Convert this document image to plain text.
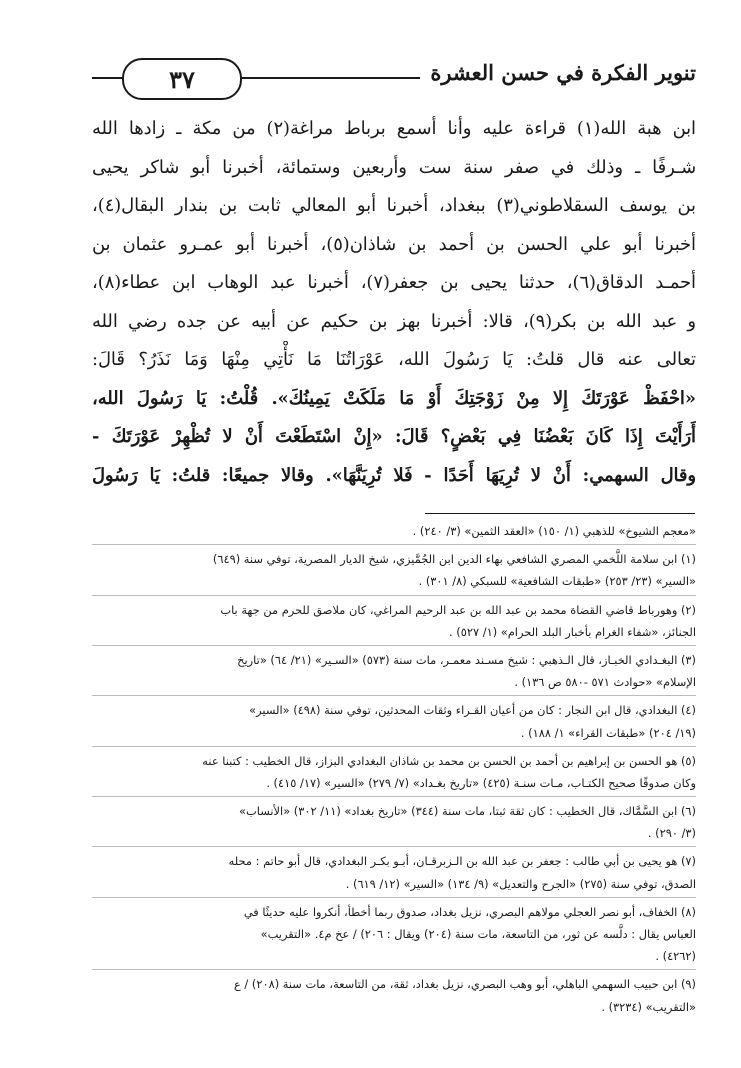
٣٧	تنوير الفكرة في حسن العشرة
ابن هبة الله(١) قراءة عليه وأنا أسمع برباط مراغة(٢) من مكة ـ زادها الله
شـرفًا ـ وذلك في صفر سنة ست وأربعين وستمائة، أخبرنا أبو شاكر يحيى
بن يوسف السقلاطوني(٣) ببغداد، أخبرنا أبو المعالي ثابت بن بندار البقال(٤)،
أخبرنا أبو علي الحسن بن أحمد بن شاذان(٥)، أخبرنا أبو عمـرو عثمان بن
أحمـد الدقاق(٦)، حدثنا يحيى بن جعفر(٧)، أخبرنا عبد الوهاب ابن عطاء(٨)،
و عبد الله بن بكر(٩)، قالا: أخبرنا بهز بن حكيم عن أبيه عن جده رضي الله
تعالى عنه قال قلتُ: يَا رَسُولَ الله، عَوْرَاتُنَا مَا نَأْتِي مِنْهَا وَمَا نَذَرُ؟ قَالَ:
«احْفَظْ عَوْرَتَكَ إِلا مِنْ زَوْجَتِكَ أَوْ مَا مَلَكَتْ يَمِينُكَ». قُلْتُ: يَا رَسُولَ الله،
أَرَأَيْتَ إِذَا كَانَ بَعْضُنَا فِي بَعْضٍ؟ قَالَ: «إِنْ اسْتَطَعْتَ أَنْ لا تُظْهِرْ عَوْرَتَكَ -
وقال السهمي: أَنْ لا تُرِيَهَا أَحَدًا - فَلا تُرِيَنَّهَا». وقالا جميعًا: قلتُ: يَا رَسُولَ
«معجم الشيوخ» للذهبي (١/ ١٥٠) «العقد الثمين» (٣/ ٢٤٠) .
(١) ابن سلامة اللَّخمي المصري الشافعي بهاء الدين ابن الجُمَّيزي، شيخ الديار المصرية، توفي سنة (٦٤٩)
«السير» (٢٣/ ٢٥٣) «طبقات الشافعية» للسبكي (٨/ ٣٠١) .
(٢) وهورباط قاضي القضاة محمد بن عبد الله بن عبد الرحيم المراغي، كان ملاصق للحرم من جهة باب
الجنائز، «شفاء الغرام بأخبار البلد الحرام» (١/ ٥٢٧) .
(٣) البغـدادي الخبـاز، قال الـذهبي : شيخ مسـند معمـر، مات سنة (٥٧٣) «السـير» (٢١/ ٦٤) «تاريخ
الإسلام» «حوادث ٥٧١ -٥٨٠ ص ١٣٦) .
(٤) البغدادي، قال ابن النجار : كان من أعيان القـراء وثقات المحدثين، توفي سنة (٤٩٨) «السير»
(١٩/ ٢٠٤) «طبقات القراء» ١/ ١٨٨) .
(٥) هو الحسن بن إبراهيم بن أحمد بن الحسن بن محمد بن شاذان البغدادي البزاز، قال الخطيب : كتبنا عنه
وكان صدوقًا صحيح الكتـاب، مـات سنـة (٤٢٥) «تاريخ بغـداد» (٧/ ٢٧٩) «السير» (١٧/ ٤١٥) .
(٦) ابن السَّمَّاك، قال الخطيب : كان ثقة ثبتا، مات سنة (٣٤٤) «تاريخ بغداد» (١١/ ٣٠٢) «الأنساب»
(٣/ ٢٩٠) .
(٧) هو يحيى بن أبي طالب : جعفر بن عبد الله بن الـزبرقـان، أبـو بكـر البغدادي، قال أبو حاتم : محله
الصدق، توفي سنة (٢٧٥) «الجرح والتعديل» (٩/ ١٣٤) «السير» (١٢/ ٦١٩) .
(٨) الخفاف، أبو نصر العجلي مولاهم البصري، نزيل بغداد، صدوق ربما أخطأ، أنكروا عليه حديثًا في
العباس يقال : دلَّسه عن ثور، من التاسعة، مات سنة (٢٠٤) ويقال : ٢٠٦) / عخ م٤. «التقريب»
(٤٢٦٢) .
(٩) ابن حبيب السهمي الباهلي، أبو وهب البصري، نزيل بغداد، ثقة، من التاسعة، مات سنة (٢٠٨) / ع
«التقريب» (٣٢٣٤) .
